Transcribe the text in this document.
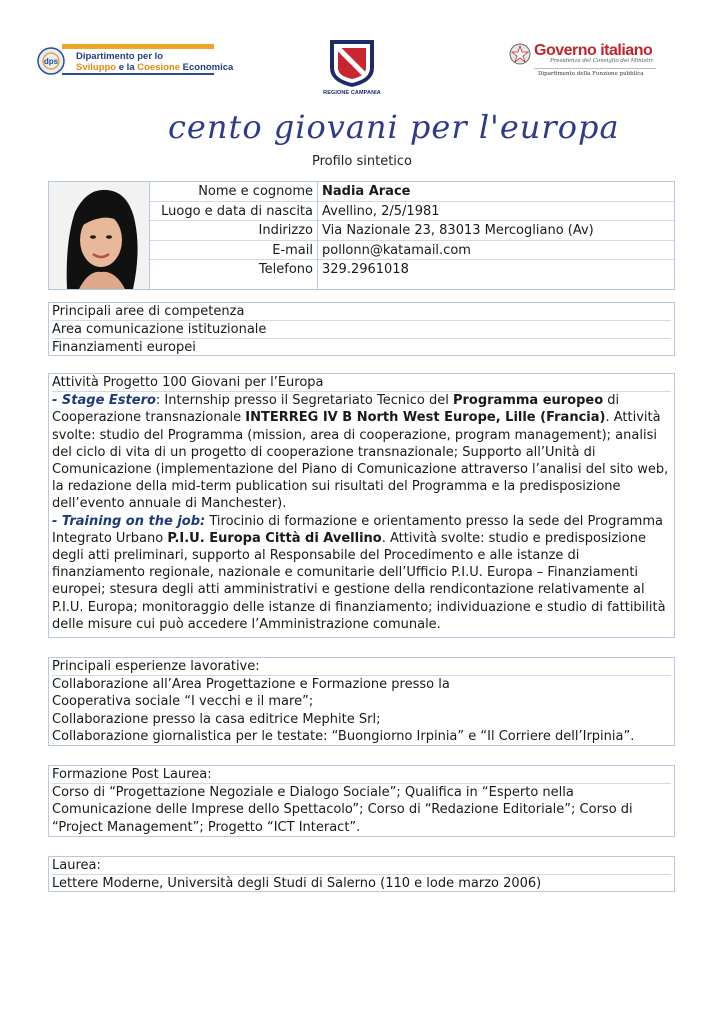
dps Dipartimento per lo
Sviluppo e la Coesione Economica
REGIONE CAMPANIA
Governo italiano
Presidenza del Consiglio dei Ministri
Dipartimento della Funzione pubblica
cento giovani per l'europa
Profilo sintetico
Nome e cognome
Luogo e data di nascita
Indirizzo
E-mail
Telefono
Nadia Arace
Avellino, 2/5/1981
Via Nazionale 23, 83013 Mercogliano (Av)
pollonn@katamail.com
329.2961018
Principali aree di competenza
Area comunicazione istituzionale

Finanziamenti europei

Attività Progetto 100 Giovani per l’Europa

- Stage Estero: Internship presso il Segretariato Tecnico del Programma europeo di Cooperazione transnazionale INTERREG IV B North West Europe, Lille (Francia). Attività svolte: studio del Programma (mission, area di cooperazione, program management); analisi del ciclo di vita di un progetto di cooperazione transnazionale; Supporto all’Unità di Comunicazione (implementazione del Piano di Comunicazione attraverso l’analisi del sito web, la redazione della mid-term publication sui risultati del Programma e la predisposizione dell’evento annuale di Manchester).

- Training on the job: Tirocinio di formazione e orientamento presso la sede del Programma Integrato Urbano P.I.U. Europa Città di Avellino. Attività svolte: studio e predisposizione degli atti preliminari, supporto al Responsabile del Procedimento e alle istanze di finanziamento regionale, nazionale e comunitarie dell’Ufficio P.I.U. Europa – Finanziamenti europei; stesura degli atti amministrativi e gestione della rendicontazione relativamente al P.I.U. Europa; monitoraggio delle istanze di finanziamento; individuazione e studio di fattibilità delle misure cui può accedere l’Amministrazione comunale.

Principali esperienze lavorative:

Collaborazione all’Area Progettazione e Formazione presso la

Cooperativa sociale “I vecchi e il mare”;

Collaborazione presso la casa editrice Mephite Srl;

Collaborazione giornalistica per le testate: “Buongiorno Irpinia” e “Il Corriere dell’Irpinia”.

Formazione Post Laurea:

Corso di “Progettazione Negoziale e Dialogo Sociale”; Qualifica in “Esperto nella Comunicazione delle Imprese dello Spettacolo”; Corso di “Redazione Editoriale”; Corso di “Project Management”; Progetto “ICT Interact”.

Laurea:

Lettere Moderne, Università degli Studi di Salerno (110 e lode marzo 2006)
